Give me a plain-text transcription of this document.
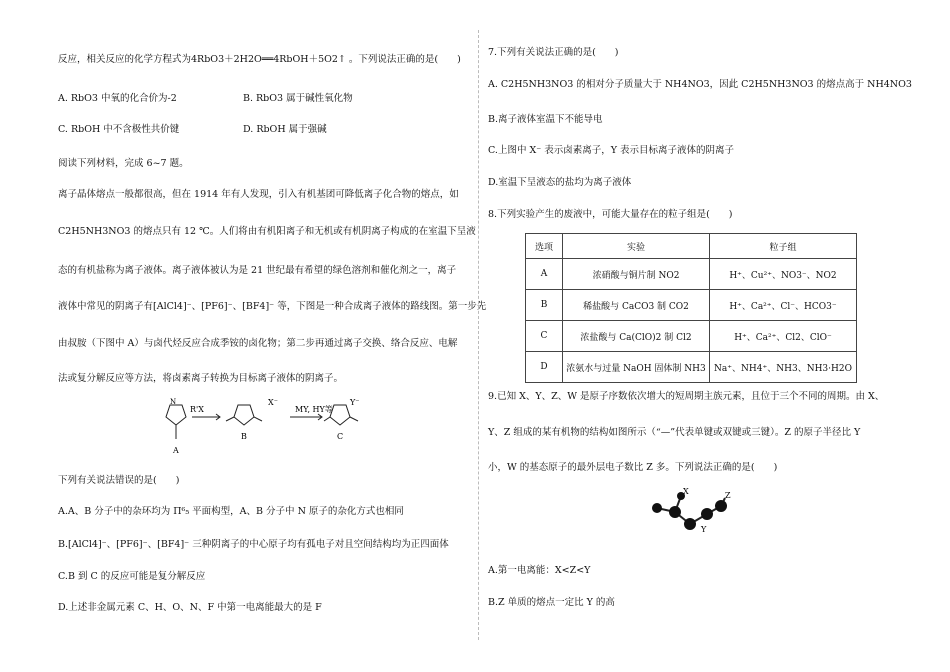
反应，相关反应的化学方程式为4RbO3＋2H2O══4RbOH＋5O2↑ 。下列说法正确的是(　　)
A. RbO3 中氧的化合价为-2	B. RbO3 属于碱性氧化物
C. RbOH 中不含极性共价键	D. RbOH 属于强碱
阅读下列材料，完成 6~7 题。
离子晶体熔点一般都很高，但在 1914 年有人发现，引入有机基团可降低离子化合物的熔点，如
C2H5NH3NO3 的熔点只有 12 ℃。人们将由有机阳离子和无机或有机阴离子构成的在室温下呈液
态的有机盐称为离子液体。离子液体被认为是 21 世纪最有希望的绿色溶剂和催化剂之一，离子
液体中常见的阴离子有[AlCl4]⁻、[PF6]⁻、[BF4]⁻ 等，下图是一种合成离子液体的路线图。第一步先
由叔胺（下图中 A）与卤代烃反应合成季铵的卤化物；第二步再通过离子交换、络合反应、电解
法或复分解反应等方法，将卤素离子转换为目标离子液体的阴离子。
N
R'X
X⁻
MY, HY等
Y⁻
A
B	C
下列有关说法错误的是(　　)
A.A、B 分子中的杂环均为 Π⁶₅ 平面构型，A、B 分子中 N 原子的杂化方式也相同
B.[AlCl4]⁻、[PF6]⁻、[BF4]⁻ 三种阴离子的中心原子均有孤电子对且空间结构均为正四面体
C.B 到 C 的反应可能是复分解反应
D.上述非金属元素 C、H、O、N、F 中第一电离能最大的是 F
7.下列有关说法正确的是(　　)
A. C2H5NH3NO3 的相对分子质量大于 NH4NO3，因此 C2H5NH3NO3 的熔点高于 NH4NO3
B.离子液体室温下不能导电
C.上图中 X⁻ 表示卤素离子，Y 表示目标离子液体的阴离子
D.室温下呈液态的盐均为离子液体
8.下列实验产生的废液中，可能大量存在的粒子组是(　　)
选项	实验	粒子组
A	浓硝酸与铜片制 NO2	H⁺、Cu²⁺、NO3⁻、NO2
B	稀盐酸与 CaCO3 制 CO2	H⁺、Ca²⁺、Cl⁻、HCO3⁻
C	浓盐酸与 Ca(ClO)2 制 Cl2	H⁺、Ca²⁺、Cl2、ClO⁻
D	浓氨水与过量 NaOH 固体制 NH3	Na⁺、NH4⁺、NH3、NH3·H2O
9.已知 X、Y、Z、W 是原子序数依次增大的短周期主族元素，且位于三个不同的周期。由 X、
Y、Z 组成的某有机物的结构如图所示（“—”代表单键或双键或三键）。Z 的原子半径比 Y
小，W 的基态原子的最外层电子数比 Z 多。下列说法正确的是(　　)
X
Y
Z
A.第一电离能：X<Z<Y
B.Z 单质的熔点一定比 Y 的高
